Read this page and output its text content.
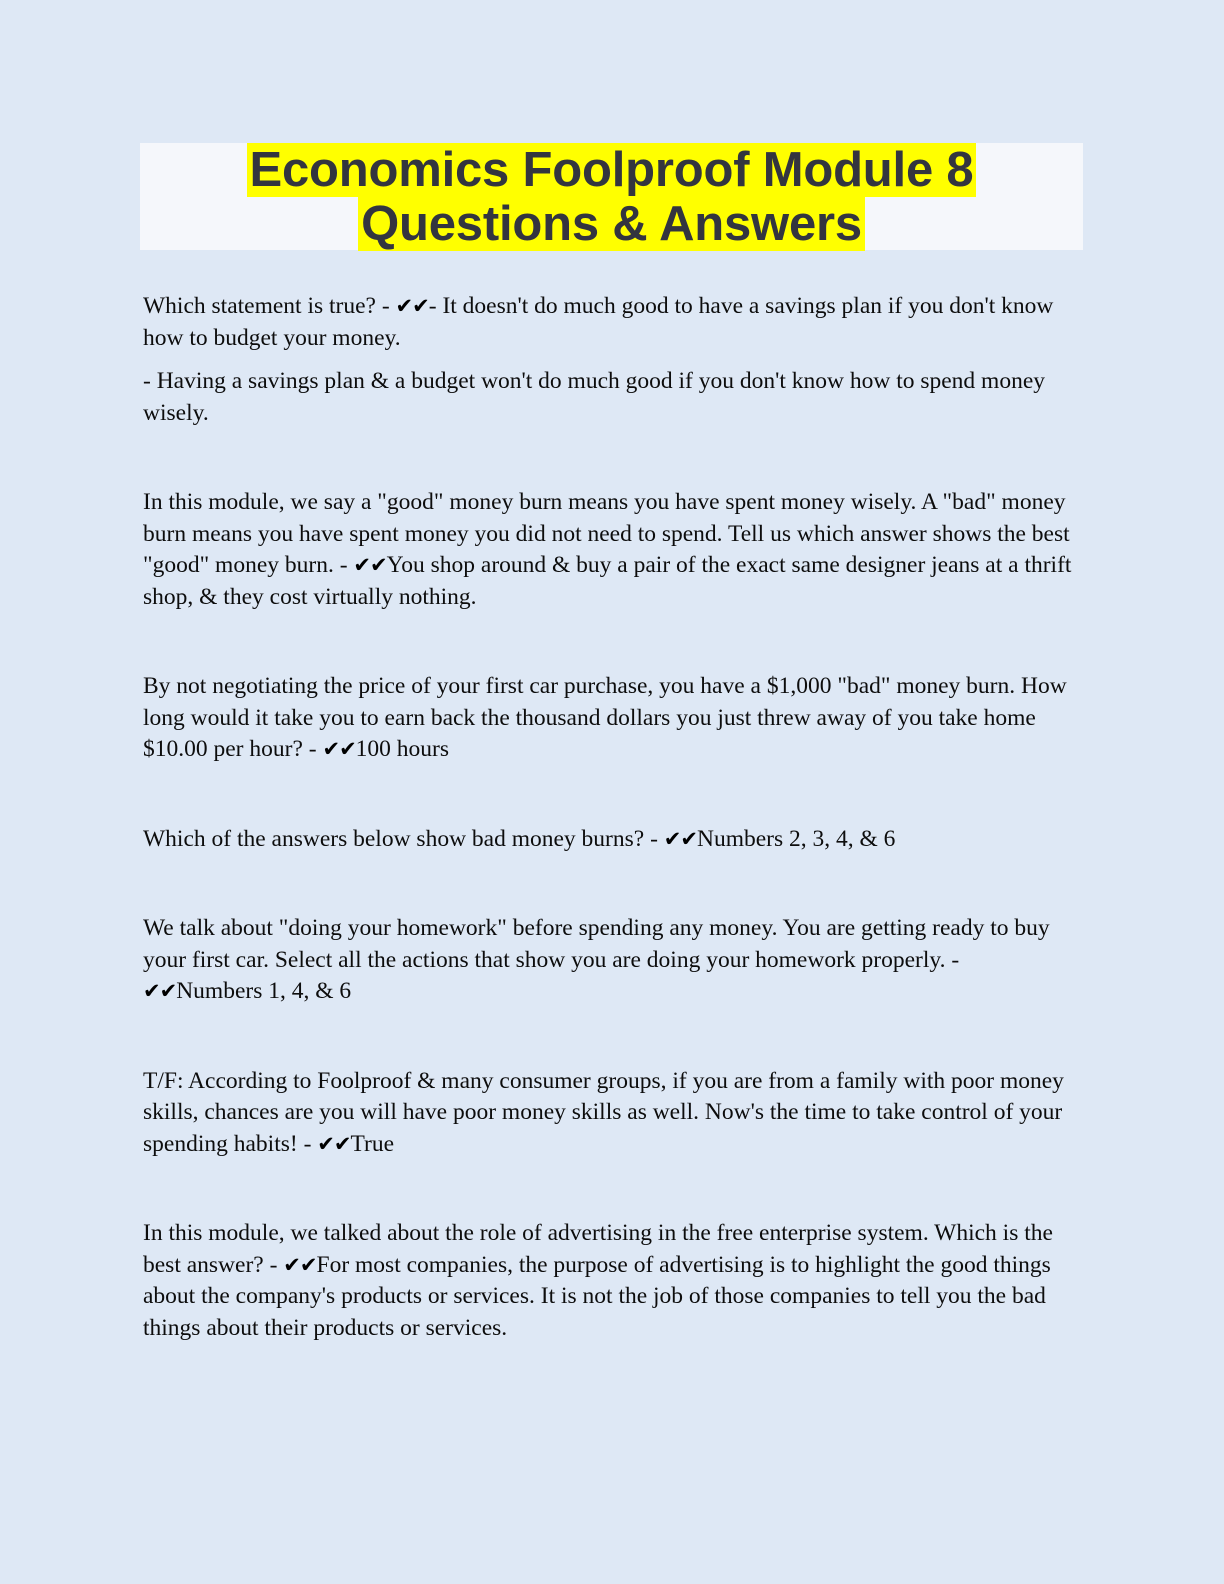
Economics Foolproof Module 8
Questions & Answers

Which statement is true? - ✔✔- It doesn't do much good to have a savings plan if you don't know how to budget your money.

- Having a savings plan & a budget won't do much good if you don't know how to spend money wisely.

In this module, we say a "good" money burn means you have spent money wisely. A "bad" money burn means you have spent money you did not need to spend. Tell us which answer shows the best "good" money burn. - ✔✔You shop around & buy a pair of the exact same designer jeans at a thrift shop, & they cost virtually nothing.

By not negotiating the price of your first car purchase, you have a $1,000 "bad" money burn. How long would it take you to earn back the thousand dollars you just threw away of you take home $10.00 per hour? - ✔✔100 hours

Which of the answers below show bad money burns? - ✔✔Numbers 2, 3, 4, & 6

We talk about "doing your homework" before spending any money. You are getting ready to buy your first car. Select all the actions that show you are doing your homework properly. - ✔✔Numbers 1, 4, & 6

T/F: According to Foolproof & many consumer groups, if you are from a family with poor money skills, chances are you will have poor money skills as well. Now's the time to take control of your spending habits! - ✔✔True

In this module, we talked about the role of advertising in the free enterprise system. Which is the best answer? - ✔✔For most companies, the purpose of advertising is to highlight the good things about the company's products or services. It is not the job of those companies to tell you the bad things about their products or services.
